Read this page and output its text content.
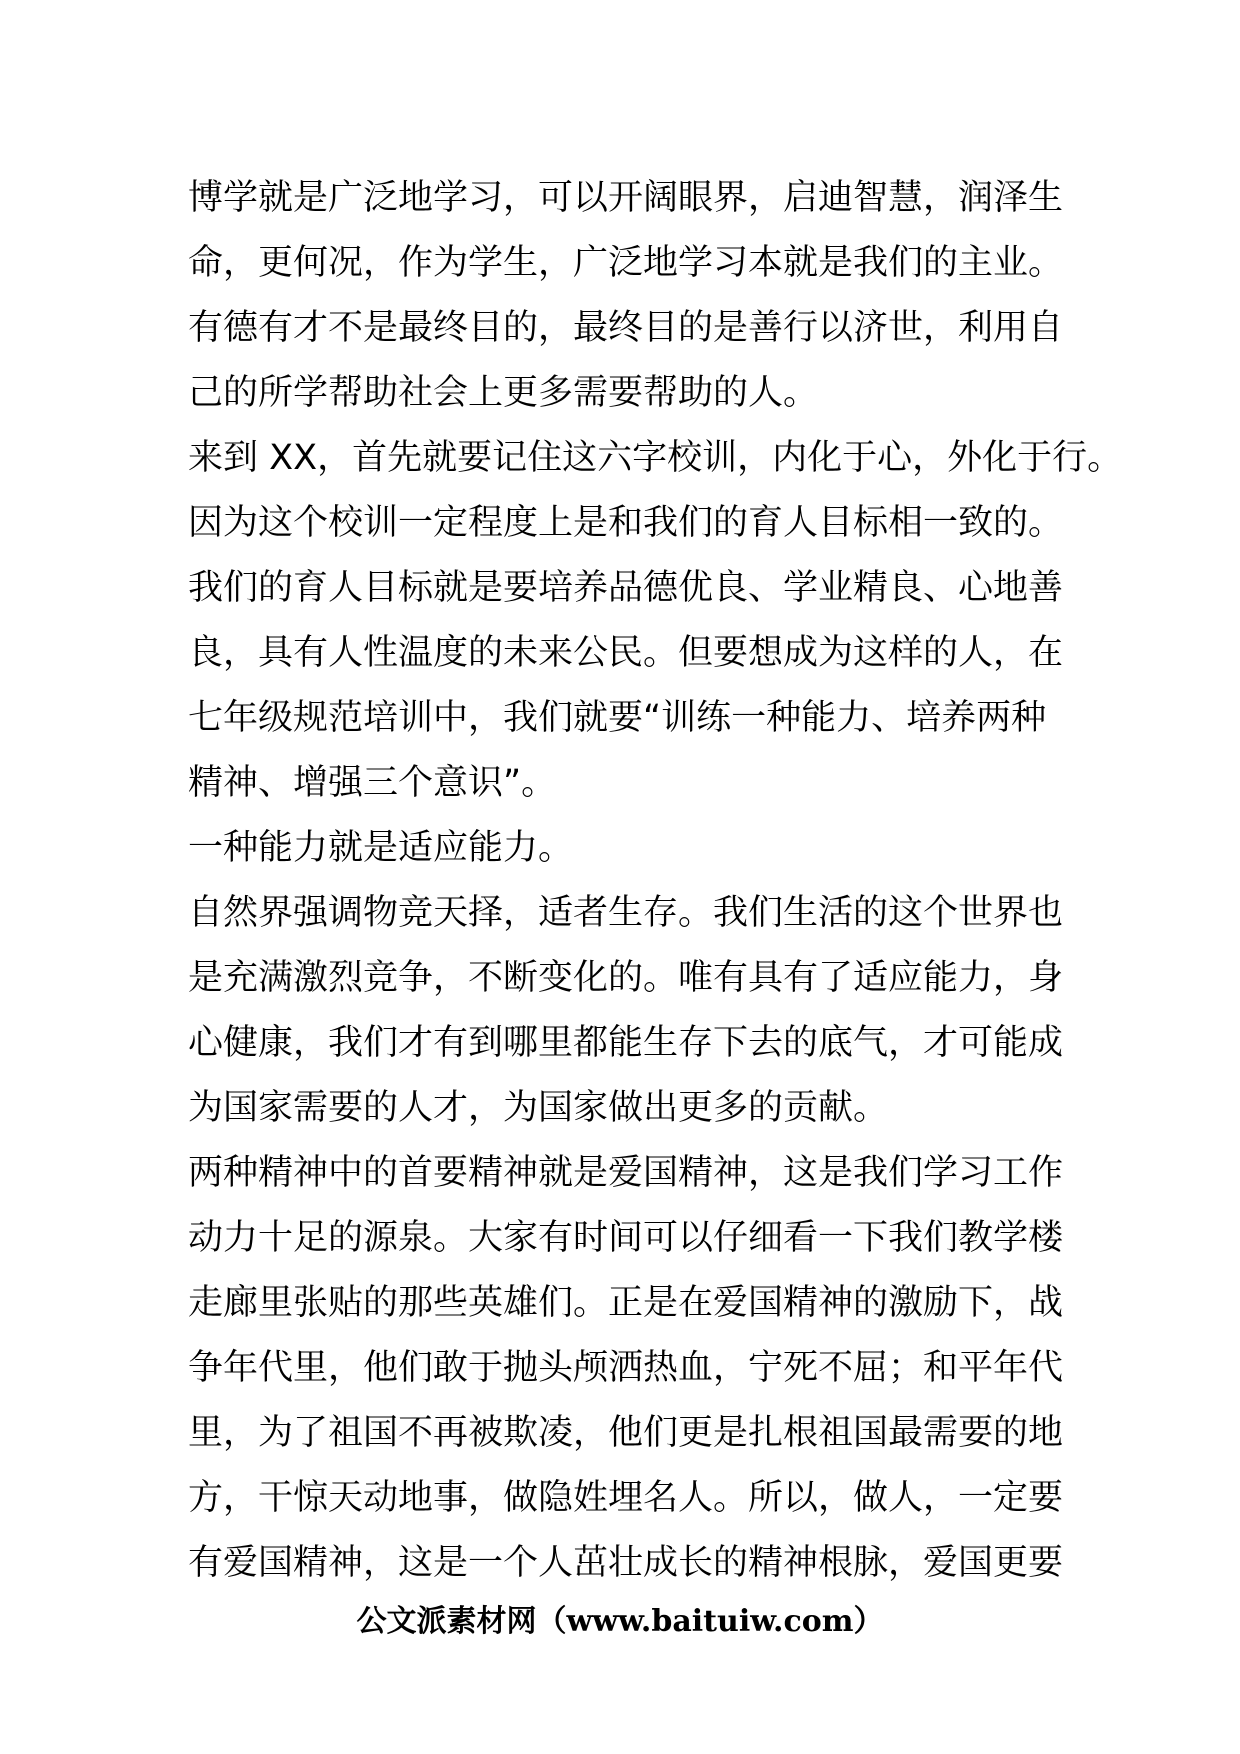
博学就是广泛地学习，可以开阔眼界，启迪智慧，润泽生
命，更何况，作为学生，广泛地学习本就是我们的主业。
有德有才不是最终目的，最终目的是善行以济世，利用自
己的所学帮助社会上更多需要帮助的人。
来到 XX，首先就要记住这六字校训，内化于心，外化于行。
因为这个校训一定程度上是和我们的育人目标相一致的。
我们的育人目标就是要培养品德优良、学业精良、心地善
良，具有人性温度的未来公民。但要想成为这样的人，在
七年级规范培训中，我们就要“训练一种能力、培养两种
精神、增强三个意识”。
一种能力就是适应能力。
自然界强调物竞天择，适者生存。我们生活的这个世界也
是充满激烈竞争，不断变化的。唯有具有了适应能力，身
心健康，我们才有到哪里都能生存下去的底气，才可能成
为国家需要的人才，为国家做出更多的贡献。
两种精神中的首要精神就是爱国精神，这是我们学习工作
动力十足的源泉。大家有时间可以仔细看一下我们教学楼
走廊里张贴的那些英雄们。正是在爱国精神的激励下，战
争年代里，他们敢于抛头颅洒热血，宁死不屈；和平年代
里，为了祖国不再被欺凌，他们更是扎根祖国最需要的地
方，干惊天动地事，做隐姓埋名人。所以，做人，一定要
有爱国精神，这是一个人茁壮成长的精神根脉，爱国更要
公文派素材网（www.baituiw.com）
